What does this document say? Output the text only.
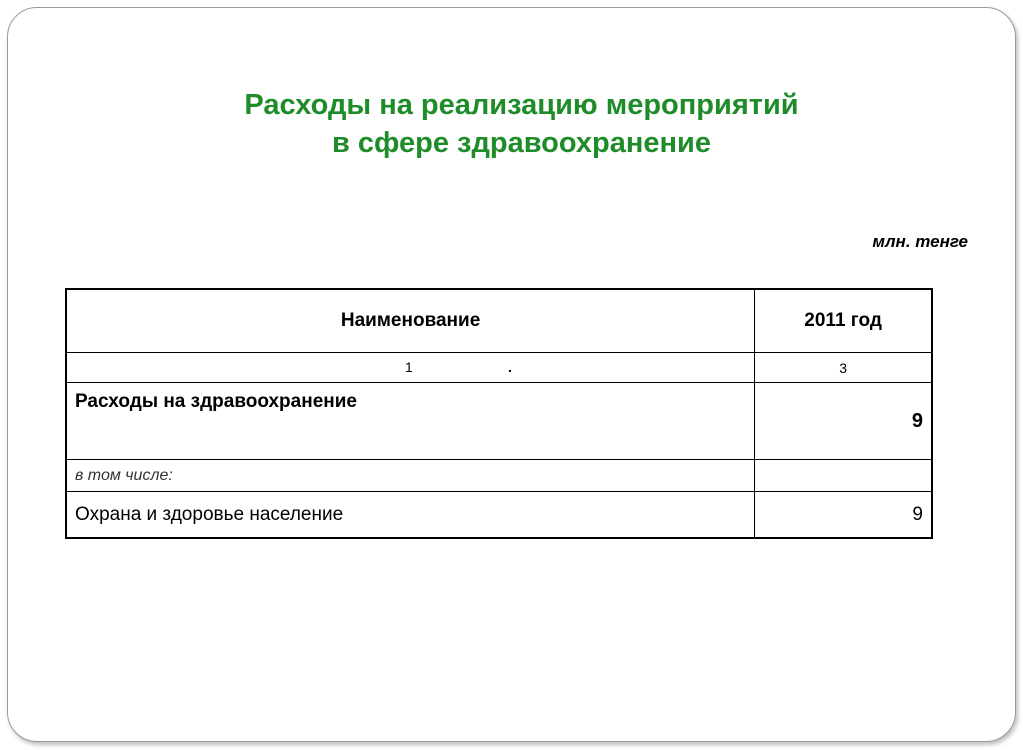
Расходы на реализацию мероприятий
в сфере здравоохранение
млн. тенге
Наименование	2011 год

1 .	3
Расходы на здравоохранение	9
в том числе:	
Охрана и здоровье население	9
